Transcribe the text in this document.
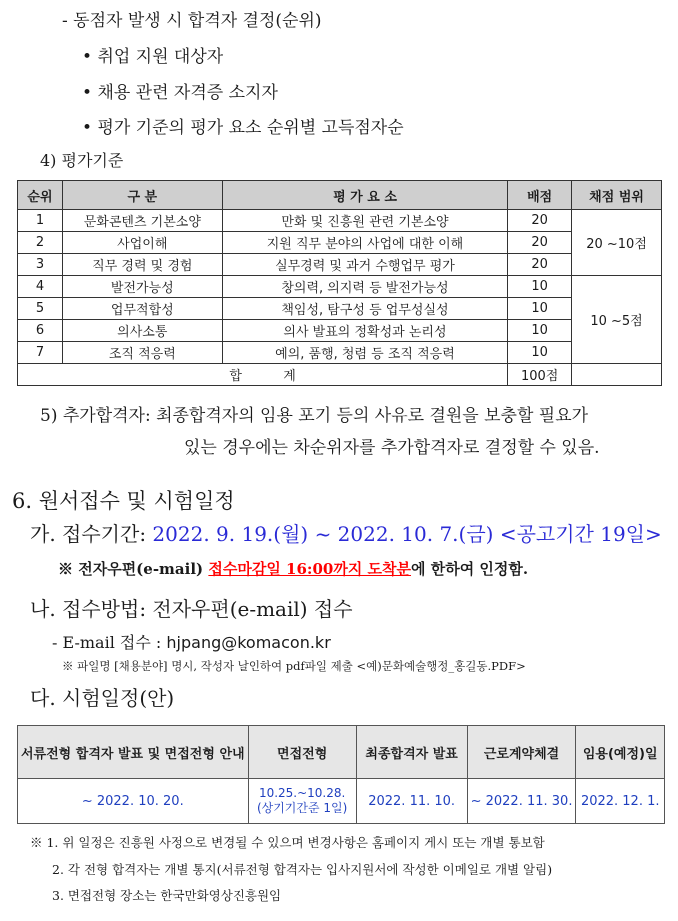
- 동점자 발생 시 합격자 결정(순위)
• 취업 지원 대상자
• 채용 관련 자격증 소지자
• 평가 기준의 평가 요소 순위별 고득점자순
4) 평가기준
순위	구 분	평 가 요 소	배점	채점 범위
1	문화콘텐츠 기본소양	만화 및 진흥원 관련 기본소양	20	20 ~10점
2	사업이해	지원 직무 분야의 사업에 대한 이해	20	
3	직무 경력 및 경험	실무경력 및 과거 수행업무 평가	20	
4	발전가능성	창의력, 의지력 등 발전가능성	10	10 ~5점
5	업무적합성	책임성, 탐구성 등 업무성실성	10	
6	의사소통	의사 발표의 정확성과 논리성	10	
7	조직 적응력	예의, 품행, 청렴 등 조직 적응력	10	
합          계			100점	
5) 추가합격자: 최종합격자의 임용 포기 등의 사유로 결원을 보충할 필요가
있는 경우에는 차순위자를 추가합격자로 결정할 수 있음.
6. 원서접수 및 시험일정
가. 접수기간: 2022. 9. 19.(월) ~ 2022. 10. 7.(금) <공고기간 19일>
※ 전자우편(e-mail) 접수마감일 16:00까지 도착분에 한하여 인정함.
나. 접수방법: 전자우편(e-mail) 접수
- E-mail 접수 : hjpang@komacon.kr
※ 파일명 [채용분야] 명시, 작성자 날인하여 pdf파일 제출 <예)문화예술행정_홍길동.PDF>
다. 시험일정(안)
서류전형 합격자 발표 및 면접전형 안내	면접전형	최종합격자 발표	근로계약체결	임용(예정)일
~ 2022. 10. 20.	10.25.~10.28.
(상기기간준 1일)	2022. 11. 10.	~ 2022. 11. 30.	2022. 12. 1.
※ 1. 위 일정은 진흥원 사정으로 변경될 수 있으며 변경사항은 홈페이지 게시 또는 개별 통보함
2. 각 전형 합격자는 개별 통지(서류전형 합격자는 입사지원서에 작성한 이메일로 개별 알림)
3. 면접전형 장소는 한국만화영상진흥원임
